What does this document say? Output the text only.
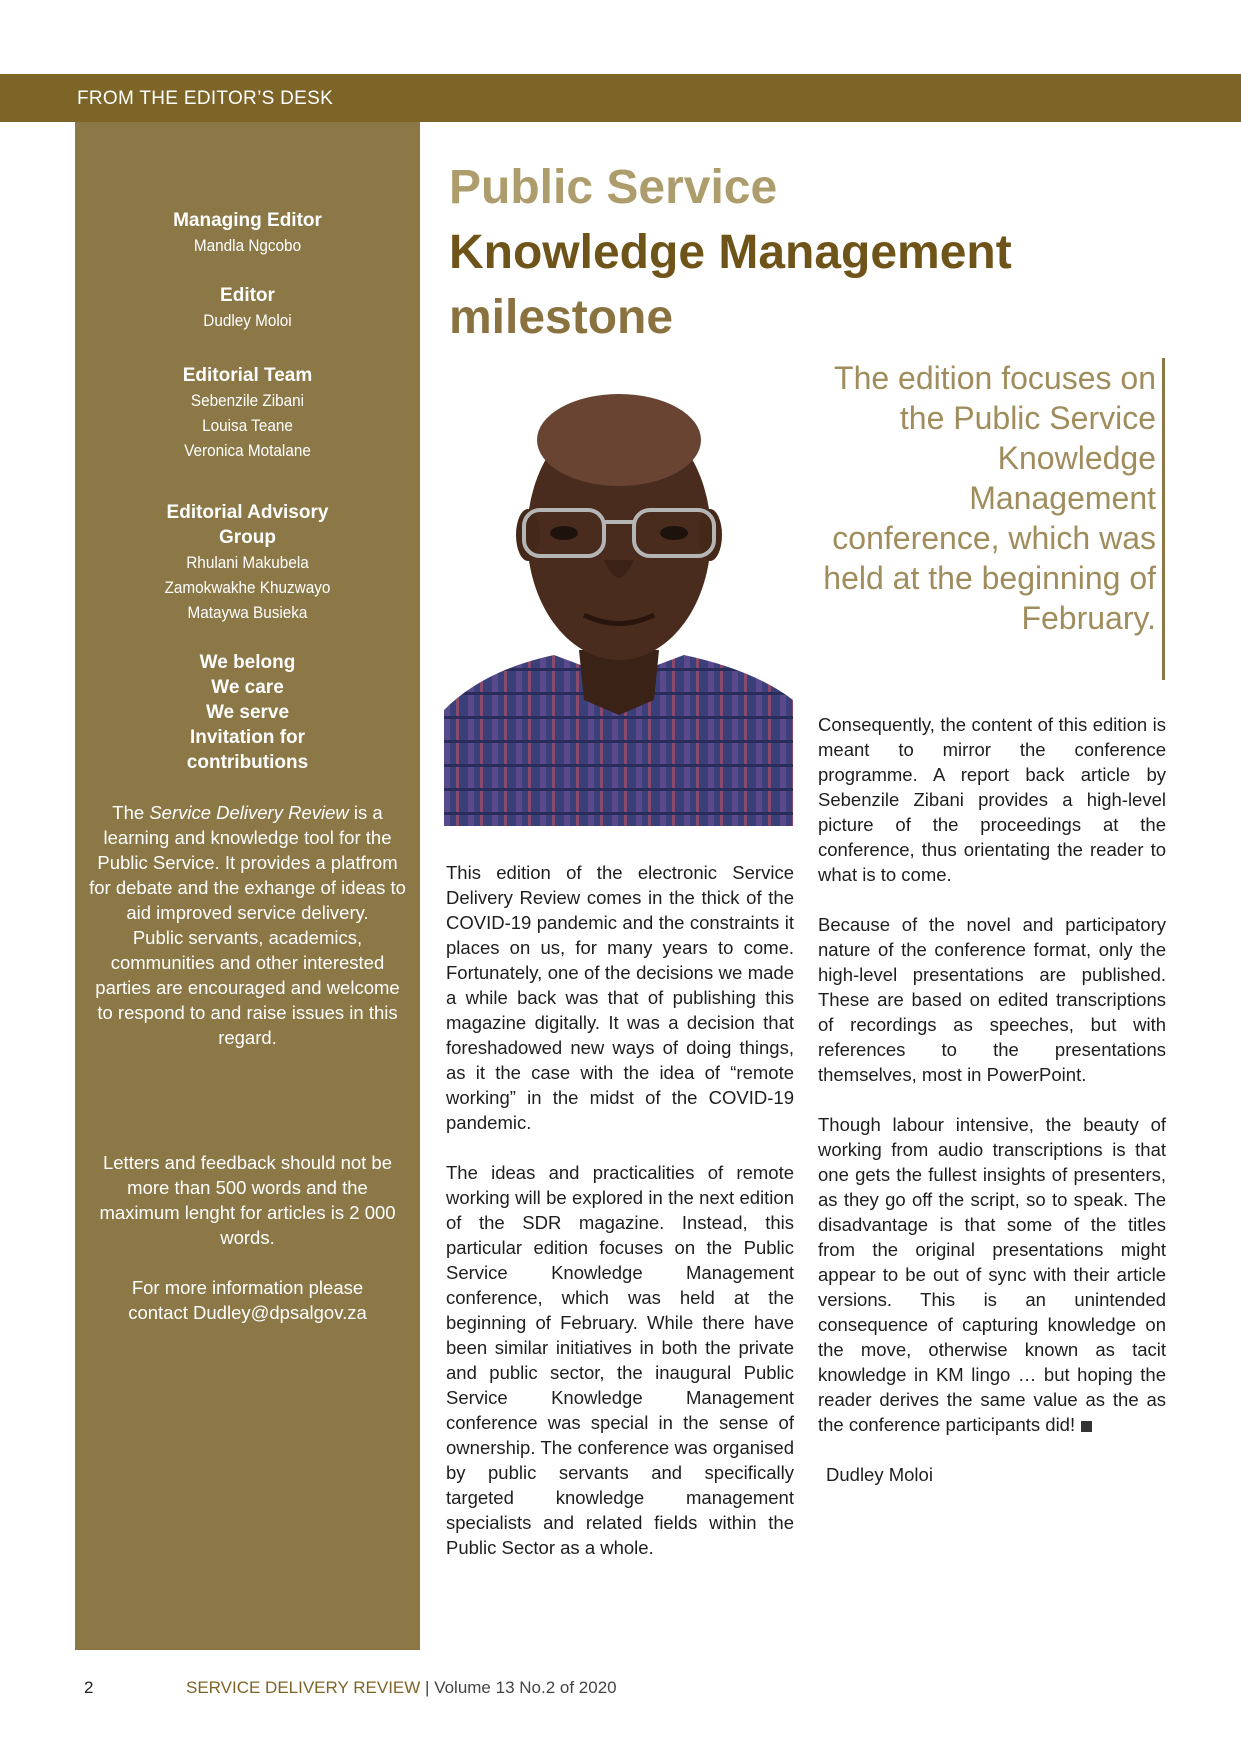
FROM THE EDITOR’S DESK
Managing Editor
Mandla Ngcobo
Editor
Dudley Moloi
Editorial Team
Sebenzile Zibani
Louisa Teane
Veronica Motalane
Editorial Advisory
Group
Rhulani Makubela
Zamokwakhe Khuzwayo
Mataywa Busieka
We belong
We care
We serve
Invitation for
contributions
The Service Delivery Review is a learning and knowledge tool for the Public Service. It provides a platfrom for debate and the exhange of ideas to aid improved service delivery.
Public servants, academics, communities and other interested parties are encouraged and welcome to respond to and raise issues in this regard.
Letters and feedback should not be more than 500 words and the maximum lenght for articles is 2 000 words.
For more information please contact Dudley@dpsalgov.za
Public Service
Knowledge Management
milestone
The edition focuses on the Public Service Knowledge Management conference, which was held at the beginning of February.

This edition of the electronic Service Delivery Review comes in the thick of the COVID-19 pandemic and the constraints it places on us, for many years to come. Fortunately, one of the decisions we made a while back was that of publishing this magazine digitally. It was a decision that foreshadowed new ways of doing things, as it the case with the idea of “remote working” in the midst of the COVID-19 pandemic.

The ideas and practicalities of remote working will be explored in the next edition of the SDR magazine. Instead, this particular edition focuses on the Public Service Knowledge Management conference, which was held at the beginning of February. While there have been similar initiatives in both the private and public sector, the inaugural Public Service Knowledge Management conference was special in the sense of ownership. The conference was organised by public servants and specifically targeted knowledge management specialists and related fields within the Public Sector as a whole.

Consequently, the content of this edition is meant to mirror the conference programme. A report back article by Sebenzile Zibani provides a high-level picture of the proceedings at the conference, thus orientating the reader to what is to come.

Because of the novel and participatory nature of the conference format, only the high-level presentations are published. These are based on edited transcriptions of recordings as speeches, but with references to the presentations themselves, most in PowerPoint.

Though labour intensive, the beauty of working from audio transcriptions is that one gets the fullest insights of presenters, as they go off the script, so to speak. The disadvantage is that some of the titles from the original presentations might appear to be out of sync with their article versions. This is an unintended consequence of capturing knowledge on the move, otherwise known as tacit knowledge in KM lingo … but hoping the reader derives the same value as the as the conference participants did!

Dudley Moloi
2	SERVICE DELIVERY REVIEW | Volume 13 No.2 of 2020
